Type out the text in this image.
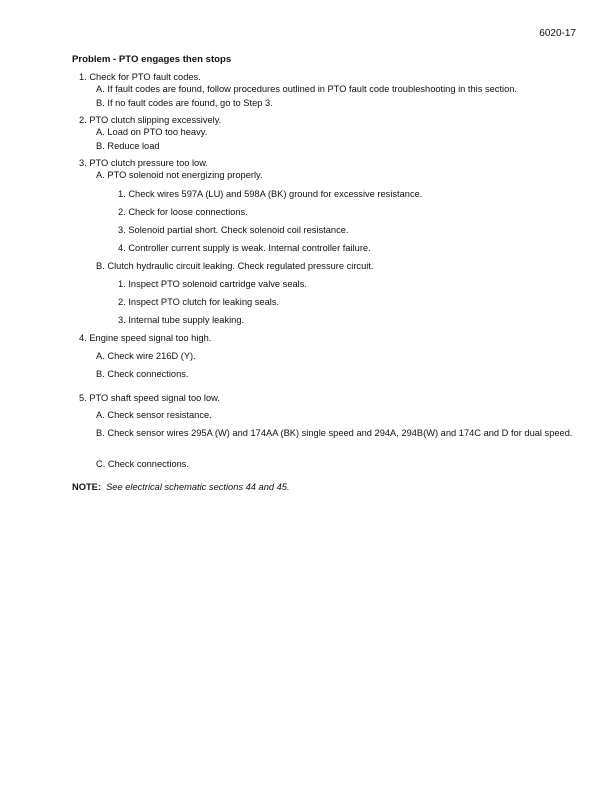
6020-17
Problem - PTO engages then stops
1. Check for PTO fault codes.
A. If fault codes are found, follow procedures outlined in PTO fault code troubleshooting in this section.
B. If no fault codes are found, go to Step 3.
2. PTO clutch slipping excessively.
A. Load on PTO too heavy.
B. Reduce load
3. PTO clutch pressure too low.
A. PTO solenoid not energizing properly.
1. Check wires 597A (LU) and 598A (BK) ground for excessive resistance.
2. Check for loose connections.
3. Solenoid partial short. Check solenoid coil resistance.
4. Controller current supply is weak. Internal controller failure.
B. Clutch hydraulic circuit leaking. Check regulated pressure circuit.
1. Inspect PTO solenoid cartridge valve seals.
2. Inspect PTO clutch for leaking seals.
3. Internal tube supply leaking.
4. Engine speed signal too high.
A. Check wire 216D (Y).
B. Check connections.
5. PTO shaft speed signal too low.
A. Check sensor resistance.
B. Check sensor wires 295A (W) and 174AA (BK) single speed and 294A, 294B(W) and 174C and D for dual speed.
C. Check connections.
NOTE: See electrical schematic sections 44 and 45.
